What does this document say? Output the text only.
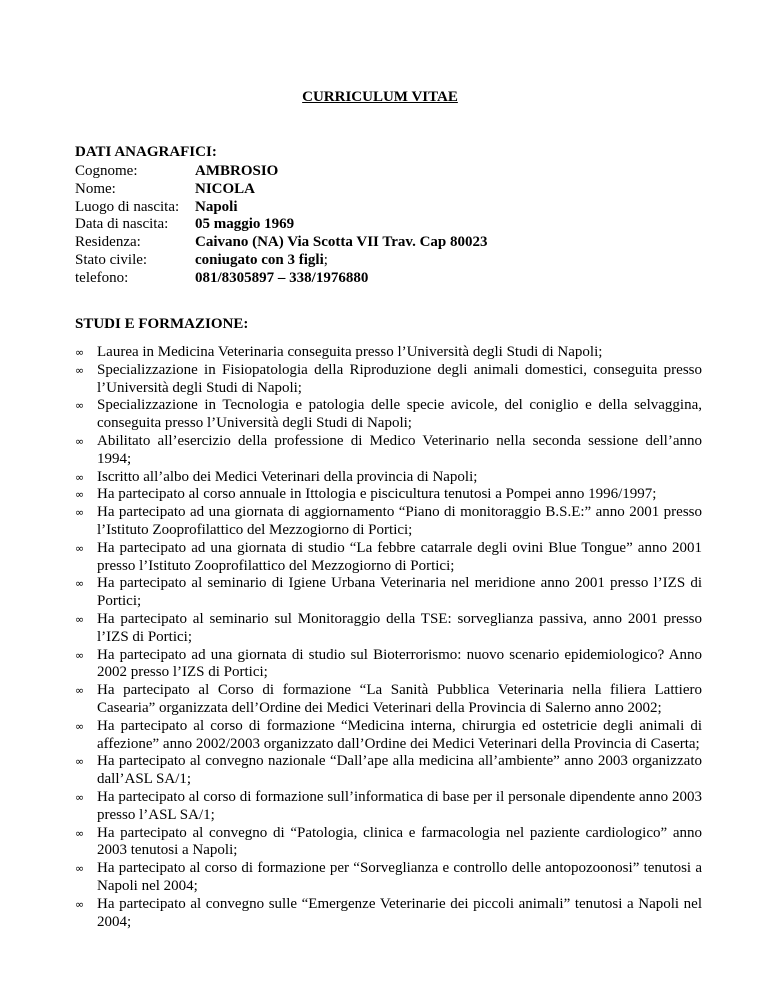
CURRICULUM VITAE
DATI ANAGRAFICI:
Cognome:	AMBROSIO
Nome:	NICOLA
Luogo di nascita: Napoli
Data di nascita: 05 maggio 1969
Residenza:	Caivano (NA) Via Scotta VII Trav. Cap 80023
Stato civile:	coniugato con 3 figli;
telefono:	081/8305897 – 338/1976880
STUDI E FORMAZIONE:
∞ Laurea in Medicina Veterinaria conseguita presso l’Università degli Studi di Napoli;
∞ Specializzazione in Fisiopatologia della Riproduzione degli animali domestici, conseguita presso l’Università degli Studi di Napoli;
∞ Specializzazione in Tecnologia e patologia delle specie avicole, del coniglio e della selvaggina, conseguita presso l’Università degli Studi di Napoli;
∞ Abilitato all’esercizio della professione di Medico Veterinario nella seconda sessione dell’anno 1994;
∞ Iscritto all’albo dei Medici Veterinari della provincia di Napoli;
∞ Ha partecipato al corso annuale in Ittologia e piscicultura tenutosi a Pompei anno 1996/1997;
∞ Ha partecipato ad una giornata di aggiornamento “Piano di monitoraggio B.S.E:” anno 2001 presso l’Istituto Zooprofilattico del Mezzogiorno di Portici;
∞ Ha partecipato ad una giornata di studio “La febbre catarrale degli ovini Blue Tongue” anno 2001 presso l’Istituto Zooprofilattico del Mezzogiorno di Portici;
∞ Ha partecipato al seminario di Igiene Urbana Veterinaria nel meridione anno 2001 presso l’IZS di Portici;
∞ Ha partecipato al seminario sul Monitoraggio della TSE: sorveglianza passiva, anno 2001 presso l’IZS di Portici;
∞ Ha partecipato ad una giornata di studio sul Bioterrorismo: nuovo scenario epidemiologico? Anno 2002 presso l’IZS di Portici;
∞ Ha partecipato al Corso di formazione “La Sanità Pubblica Veterinaria nella filiera Lattiero Casearia” organizzata dell’Ordine dei Medici Veterinari della Provincia di Salerno anno 2002;
∞ Ha partecipato al corso di formazione “Medicina interna, chirurgia ed ostetricie degli animali di affezione” anno 2002/2003 organizzato dall’Ordine dei Medici Veterinari della Provincia di Caserta;
∞ Ha partecipato al convegno nazionale “Dall’ape alla medicina all’ambiente” anno 2003 organizzato dall’ASL SA/1;
∞ Ha partecipato al corso di formazione sull’informatica di base per il personale dipendente anno 2003 presso l’ASL SA/1;
∞ Ha partecipato al convegno di “Patologia, clinica e farmacologia nel paziente cardiologico” anno 2003 tenutosi a Napoli;
∞ Ha partecipato al corso di formazione per “Sorveglianza e controllo delle antopozoonosi” tenutosi a Napoli nel 2004;
∞ Ha partecipato al convegno sulle “Emergenze Veterinarie dei piccoli animali” tenutosi a Napoli nel 2004;
